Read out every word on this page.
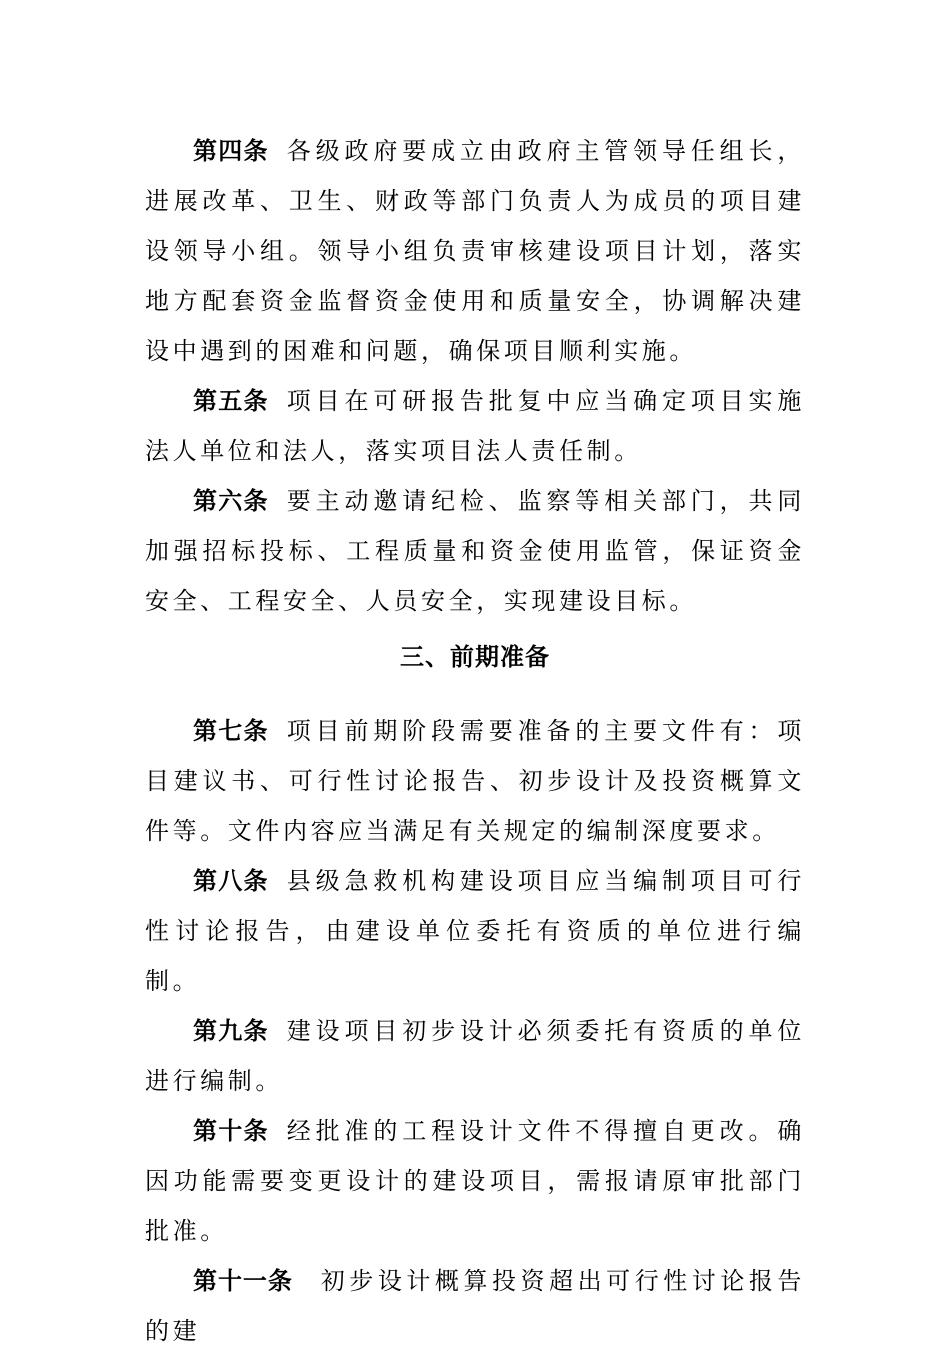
第四条 各级政府要成立由政府主管领导任组长，进展改革、卫生、财政等部门负责人为成员的项目建设领导小组。领导小组负责审核建设项目计划，落实地方配套资金监督资金使用和质量安全，协调解决建设中遇到的困难和问题，确保项目顺利实施。

第五条 项目在可研报告批复中应当确定项目实施法人单位和法人，落实项目法人责任制。

第六条 要主动邀请纪检、监察等相关部门，共同加强招标投标、工程质量和资金使用监管，保证资金安全、工程安全、人员安全，实现建设目标。

三、前期准备

第七条 项目前期阶段需要准备的主要文件有：项目建议书、可行性讨论报告、初步设计及投资概算文件等。文件内容应当满足有关规定的编制深度要求。

第八条 县级急救机构建设项目应当编制项目可行性讨论报告，由建设单位委托有资质的单位进行编制。

第九条 建设项目初步设计必须委托有资质的单位进行编制。

第十条 经批准的工程设计文件不得擅自更改。确因功能需要变更设计的建设项目，需报请原审批部门批准。

第十一条 初步设计概算投资超出可行性讨论报告的建
